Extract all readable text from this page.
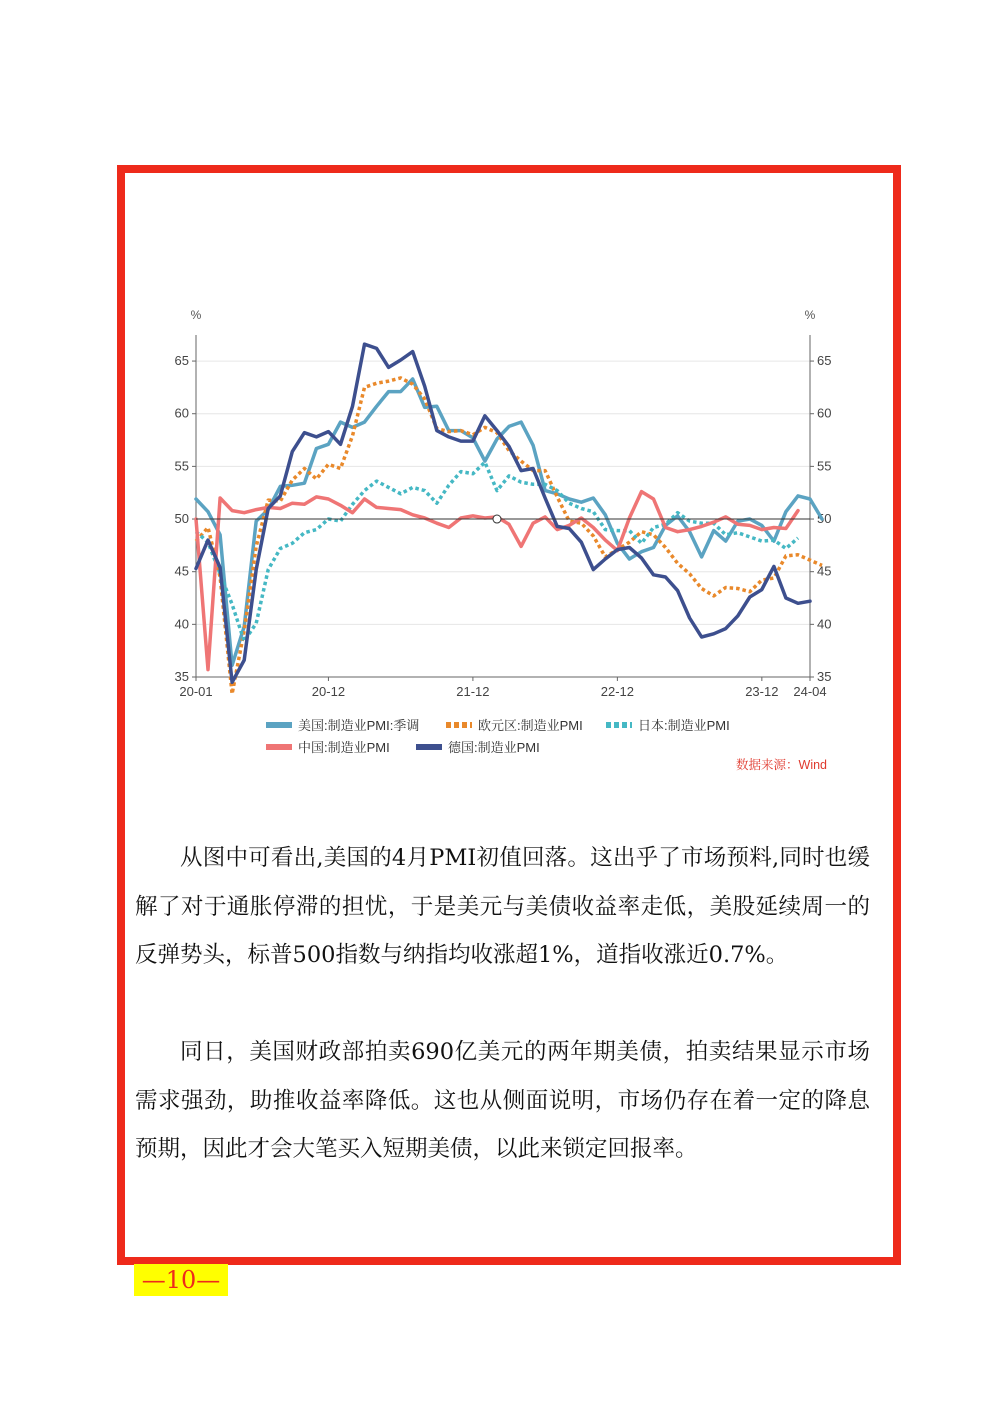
%	%
35	35
40	40
45	45
50	50
55	55
60	60
65	65
20-01	20-12	21-12	22-12	23-12 24-04
美国:制造业PMI:季调	欧元区:制造业PMI	日本:制造业PMI
中国:制造业PMI	德国:制造业PMI
数据来源：Wind

从图中可看出,美国的4月PMI初值回落。这出乎了市场预料,同时也缓解了对于通胀停滞的担忧，于是美元与美债收益率走低，美股延续周一的反弹势头，标普500指数与纳指均收涨超1%，道指收涨近0.7%。

同日，美国财政部拍卖690亿美元的两年期美债，拍卖结果显示市场需求强劲，助推收益率降低。这也从侧面说明，市场仍存在着一定的降息预期，因此才会大笔买入短期美债，以此来锁定回报率。

—10—
